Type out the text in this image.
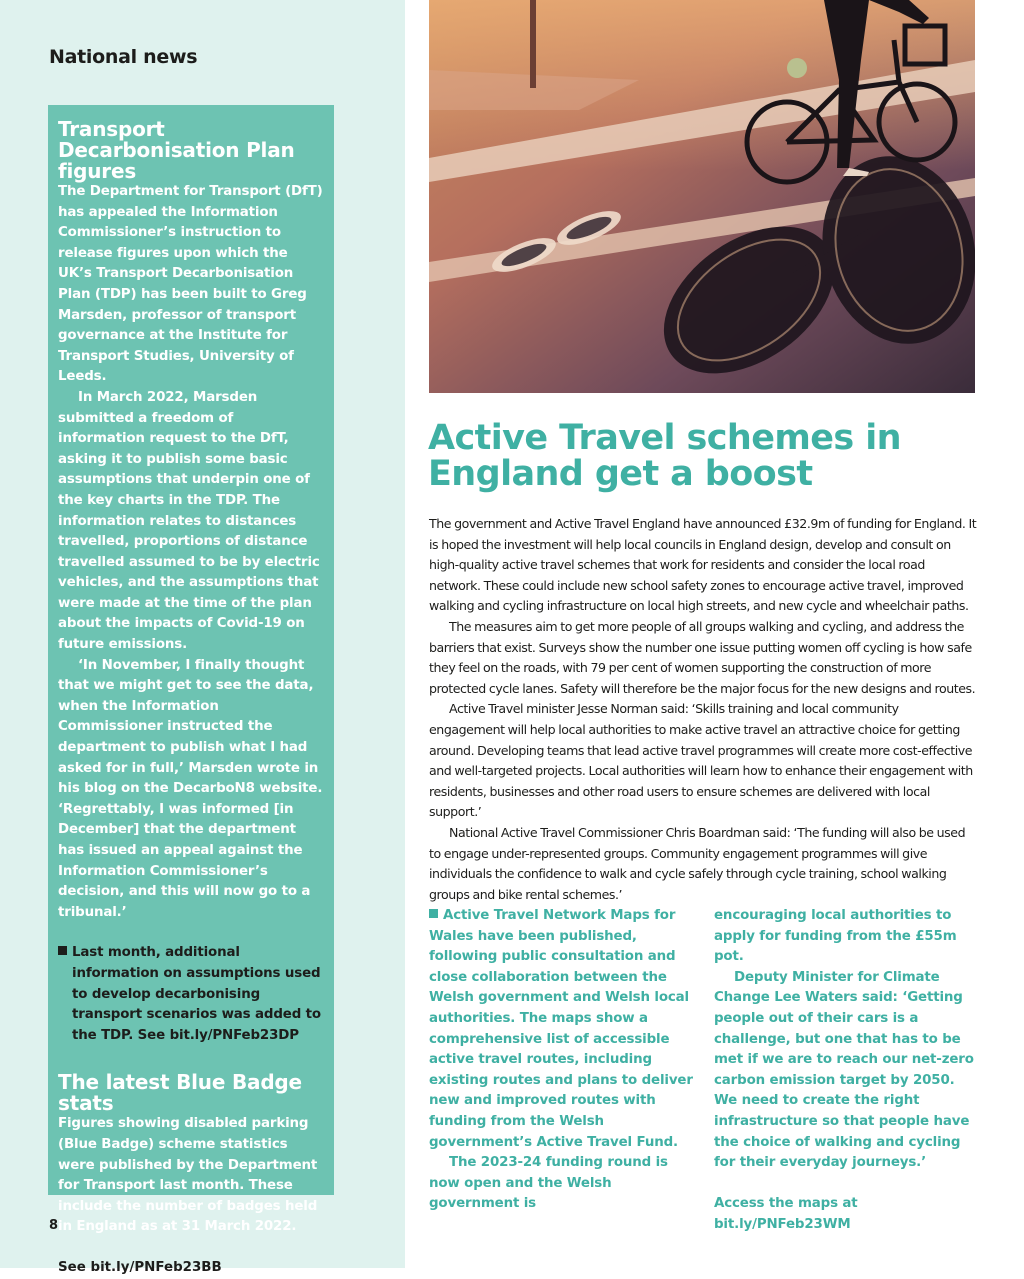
National news
Transport Decarbonisation Plan figures

The Department for Transport (DfT) has appealed the Information Commissioner’s instruction to release figures upon which the UK’s Transport Decarbonisation Plan (TDP) has been built to Greg Marsden, professor of transport governance at the Institute for Transport Studies, University of Leeds.

In March 2022, Marsden submitted a freedom of information request to the DfT, asking it to publish some basic assumptions that underpin one of the key charts in the TDP. The information relates to distances travelled, proportions of distance travelled assumed to be by electric vehicles, and the assumptions that were made at the time of the plan about the impacts of Covid-19 on future emissions.

‘In November, I finally thought that we might get to see the data, when the Information Commissioner instructed the department to publish what I had asked for in full,’ Marsden wrote in his blog on the DecarboN8 website. ‘Regrettably, I was informed [in December] that the department has issued an appeal against the Information Commissioner’s decision, and this will now go to a tribunal.’

Last month, additional information on assumptions used to develop decarbonising transport scenarios was added to the TDP. See bit.ly/PNFeb23DP

The latest Blue Badge stats

Figures showing disabled parking (Blue Badge) scheme statistics were published by the Department for Transport last month. These include the number of badges held in England as at 31 March 2022.

See bit.ly/PNFeb23BB

8

Active Travel schemes in England get a boost

The government and Active Travel England have announced £32.9m of funding for England. It is hoped the investment will help local councils in England design, develop and consult on high-quality active travel schemes that work for residents and consider the local road network. These could include new school safety zones to encourage active travel, improved walking and cycling infrastructure on local high streets, and new cycle and wheelchair paths.

The measures aim to get more people of all groups walking and cycling, and address the barriers that exist. Surveys show the number one issue putting women off cycling is how safe they feel on the roads, with 79 per cent of women supporting the construction of more protected cycle lanes. Safety will therefore be the major focus for the new designs and routes.

Active Travel minister Jesse Norman said: ‘Skills training and local community engagement will help local authorities to make active travel an attractive choice for getting around. Developing teams that lead active travel programmes will create more cost-effective and well-targeted projects. Local authorities will learn how to enhance their engagement with residents, businesses and other road users to ensure schemes are delivered with local support.’

National Active Travel Commissioner Chris Boardman said: ‘The funding will also be used to engage under-represented groups. Community engagement programmes will give individuals the confidence to walk and cycle safely through cycle training, school walking groups and bike rental schemes.’

Active Travel Network Maps for Wales have been published, following public consultation and close collaboration between the Welsh government and Welsh local authorities. The maps show a comprehensive list of accessible active travel routes, including existing routes and plans to deliver new and improved routes with funding from the Welsh government’s Active Travel Fund.

The 2023-24 funding round is now open and the Welsh government is

encouraging local authorities to apply for funding from the £55m pot.

Deputy Minister for Climate Change Lee Waters said: ‘Getting people out of their cars is a challenge, but one that has to be met if we are to reach our net-zero carbon emission target by 2050. We need to create the right infrastructure so that people have the choice of walking and cycling for their everyday journeys.’

Access the maps at

bit.ly/PNFeb23WM
